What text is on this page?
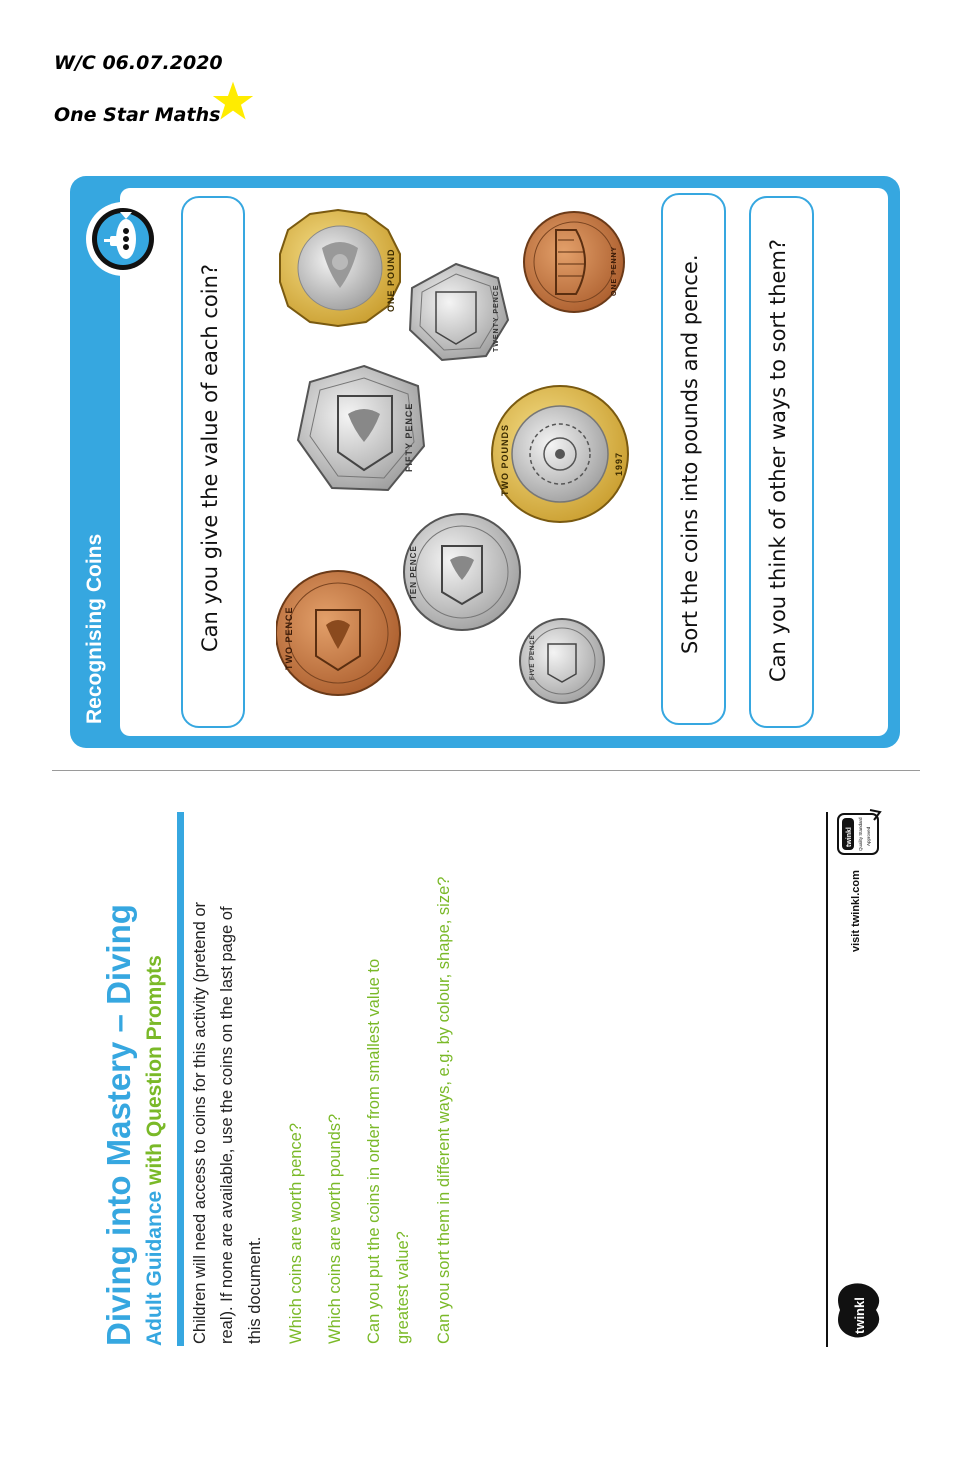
W/C 06.07.2020
One Star Maths
Recognising Coins	Can you give the value of each coin?	Sort the coins into pounds and pence.	Can you think of other ways to sort them?
TWO PENCE
TEN PENCE
FIVE PENCE
FIFTY PENCE
ONE POUND
TWENTY PENCE
TWO POUNDS	1997
ONE PENNY
Diving into Mastery – Diving Adult Guidance with Question Prompts Children will need access to coins for this activity (pretend or real). If none are available, use the coins on the last page of this document. Which coins are worth pence? Which coins are worth pounds? Can you put the coins in order from smallest value to greatest value? Can you sort them in different ways, e.g. by colour, shape, size?	visit twinkl.com
twinkl
twinkl Quality Standard Approved
